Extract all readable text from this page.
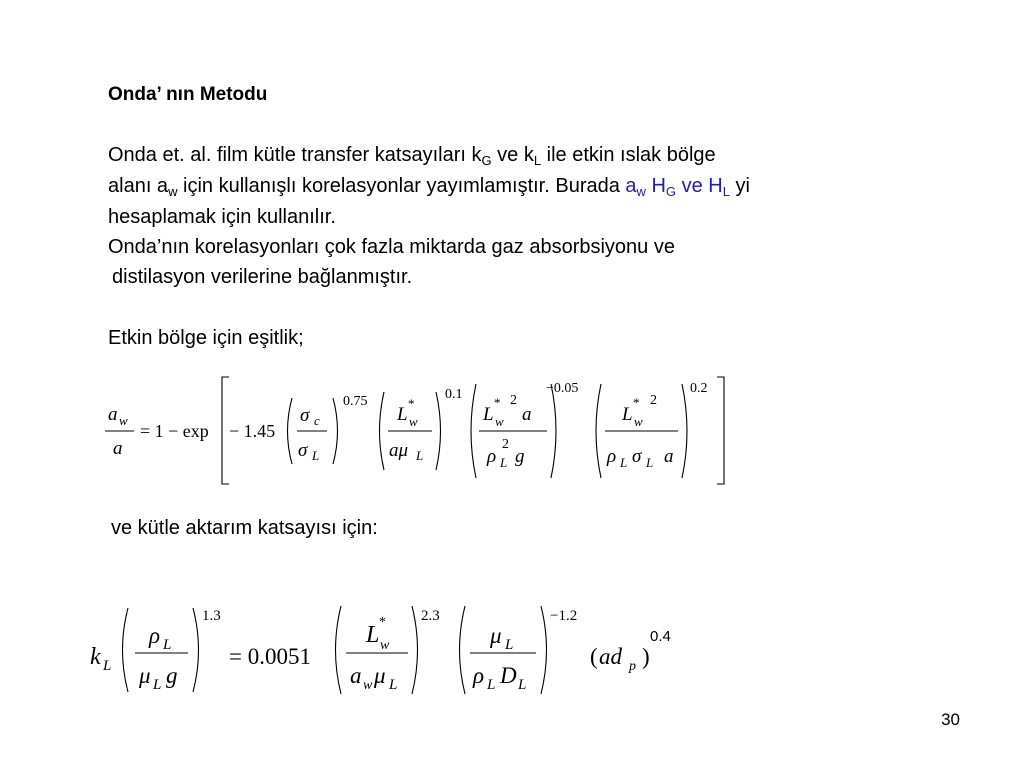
Onda’ nın Metodu
Onda et. al. film kütle transfer katsayıları $k_G$ ve $k_L$ ile etkin ıslak bölge
alanı $a_w$ için kullanışlı korelasyonlar yayımlamıştır. Burada $a_w$ $H_G$ ve $H_L$ yi
hesaplamak için kullanılır.
Onda’nın korelasyonları çok fazla miktarda gaz absorbsiyonu ve
distilasyon verilerine bağlanmıştır.
Etkin bölge için eşitlik;
a w
a
= 1 − exp − 1.45
σ c
σ L
0.75
L
*
w
aμ L
0.1
L
* 2
w a
2
ρ L g
−0.05
L
* 2
w
ρ L σ L a
0.2
ve kütle aktarım katsayısı için:
k L
ρ L
μ L g
1.3
= 0.0051
L *
w
a w μ L
2.3
μ L
ρ L D L
−1.2
( ad p )
0.4
30
